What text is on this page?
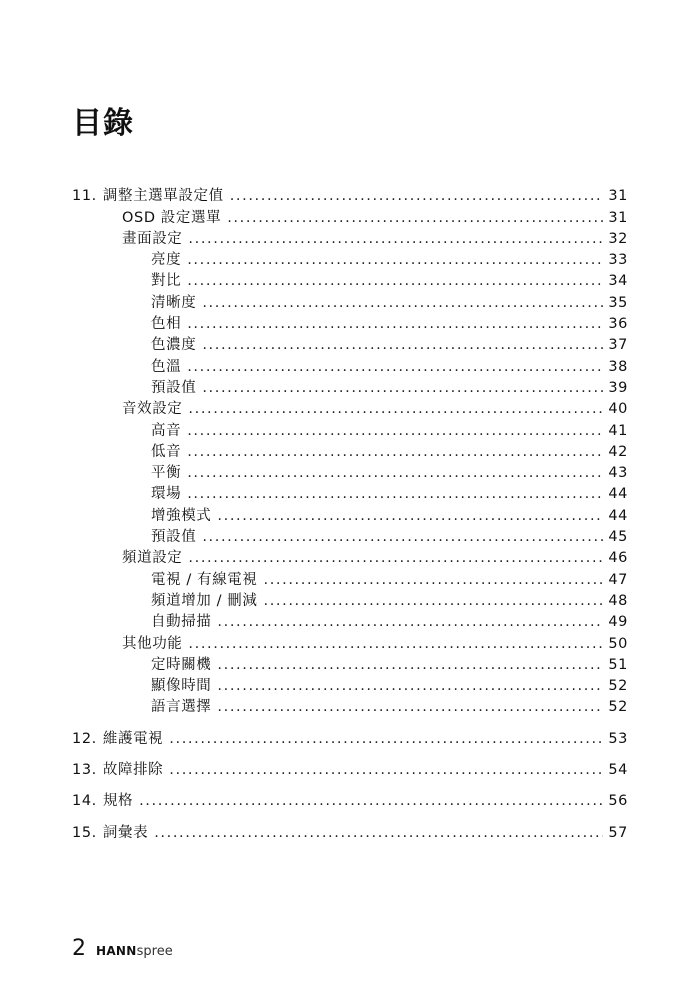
目錄
11. 調整主選單設定值 .....	31
OSD 設定選單 .....	31
畫面設定 .....	32
亮度 .....	33
對比 .....	34
清晰度 .....	35
色相 .....	36
色濃度 .....	37
色溫 .....	38
預設值 .....	39
音效設定 .....	40
高音 .....	41
低音 .....	42
平衡 .....	43
環場 .....	44
增強模式 .....	44
預設值 .....	45
頻道設定 .....	46
電視 / 有線電視 .....	47
頻道增加 / 刪減 .....	48
自動掃描 .....	49
其他功能 .....	50
定時關機 .....	51
顯像時間 .....	52
語言選擇 .....	52
12. 維護電視 .....	53
13. 故障排除 .....	54
14. 規格 .....	56
15. 詞彙表 .....	57
2 HANNspree
